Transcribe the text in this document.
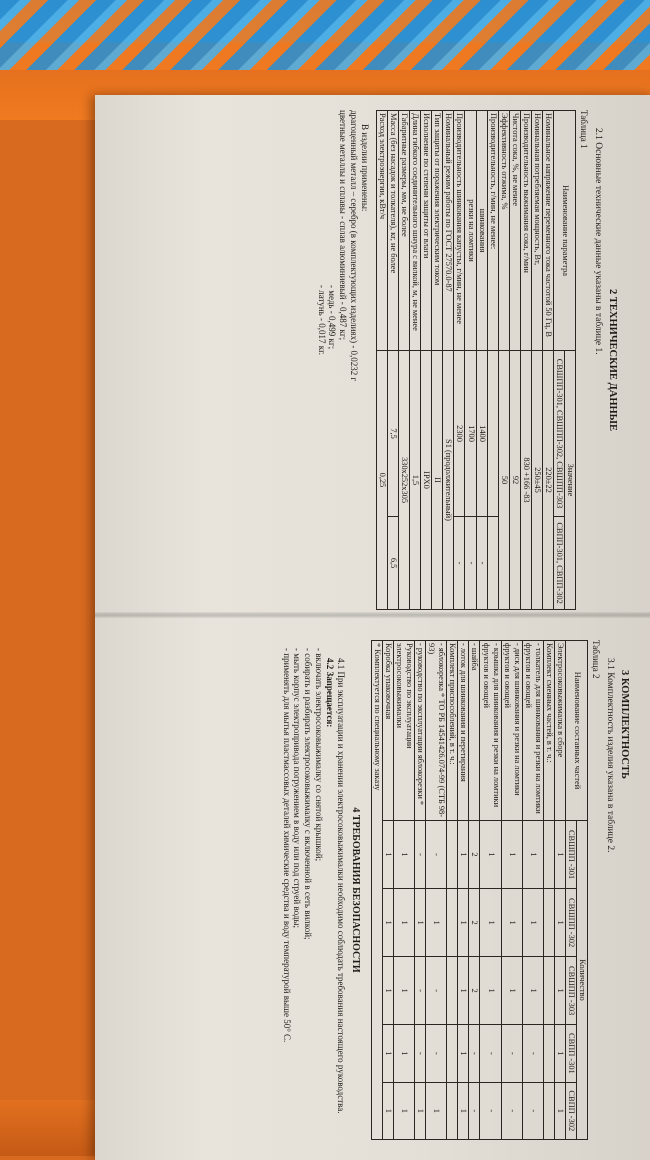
2 ТЕХНИЧЕСКИЕ ДАННЫЕ

2.1 Основные технические данные указаны в таблице 1.

Таблица 1

Наименование параметра	Значение	
	СВШПП-301, СВШПП-302, СВШПП-303	СВПП-301, СВПП-302
Номинальное напряжение переменного тока частотой 50 Гц, В	220±22	
Номинальная потребляемая мощность, Вт,	250±45	
Производительность выжимания сока, г/мин	830 +166 -83	
Чистота сока, %, не менее	92	
Эффективность отжима, %	50	
Производительность, г/мин, не менее:		
шинкования	1400	-
резки на ломтики	1700	-
Производительность шинкования капусты, г/мин, не менее	2300	-
Номинальный режим работы по ГОСТ 27570.0-87	S1 (продолжительный)	
Тип защиты от поражения электрическим током	II	
Исполнение по степени защиты от влаги	IPX0	
Длина гибкого соединительного шнура с вилкой, м, не менее	1,5	
Габаритные размеры, мм, не более	330x252x305	
Масса (без насадок и толкателя), кг, не более	7,5	6,5
Расход электроэнергии, кВт/ч	0,25	
В изделии применены:
драгоценный металл – серебро (в комплектующих изделиях) - 0,0232 г
цветные металлы и сплавы - сплав алюминиевый - 0,487 кг;
- медь - 0,499 кг;
- латунь - 0,017 кг.
3 КОМПЛЕКТНОСТЬ

3.1 Комплектность изделия указана в таблице 2.

Таблица 2

Наименование составных частей	Количество				
	СВШПП -301	СВШПП -302	СВШПП -303	СВПП -301	СВПП -302
Электросоковыжималка в сборе	1	1	1	1	1
Комплект сменных частей, в т. ч.:					
- толкатель для шинкования и резки на ломтики фруктов и овощей	1	1	1	-	-
- диск для шинкования и резки на ломтики фруктов и овощей	1	1	1	-	-
- крышка для шинкования и резки на ломтики фруктов и овощей	1	1	1	-	-
- шайба	2	2	2	-	-
- лоток для шинкования и перетирания	1	1	1	1	1
Комплект приспособлений, в т. ч.:					
- яблокорезка * ТО РБ 14541426.074-99 (СТБ 98-93)	-	1	-	-	1
- руководство по эксплуатации яблокорезки *	-	1	-	-	1
Руководство по эксплуатации электросоковыжималки	1	1	1	1	1
Коробка упаковочная	1	1	1	1	1
* Комплектуется по специальному заказу					
4 ТРЕБОВАНИЯ БЕЗОПАСНОСТИ

4.1 При эксплуатации и хранении электросоковыжималки необходимо соблюдать требования настоящего руководства.

4.2 Запрещается:

- включать электросоковыжималку со снятой крышкой;

- собирать и разбирать электросоковыжималку с включенной в сеть вилкой;

- мыть корпус электропривода погружением в воду или под струей воды;

- применять для мытья пластмассовых деталей химические средства и воду температурой выше 50° С.
